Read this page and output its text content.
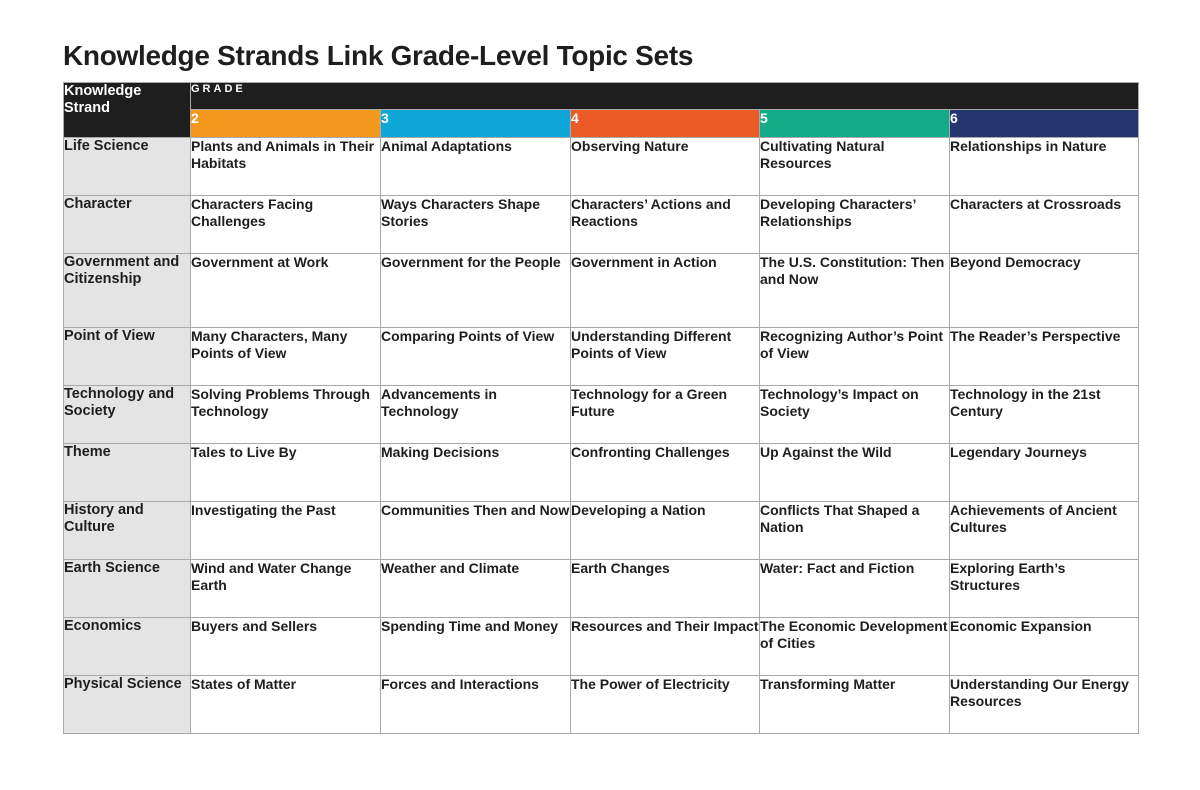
Knowledge Strands Link Grade-Level Topic Sets
Knowledge Strand	GRADE				
	2	3	4	5	6
Life Science	Plants and Animals in Their Habitats	Animal Adaptations	Observing Nature	Cultivating Natural Resources	Relationships in Nature
Character	Characters Facing Challenges	Ways Characters Shape Stories	Characters’ Actions and Reactions	Developing Characters’ Relationships	Characters at Crossroads
Government and Citizenship	Government at Work	Government for the People	Government in Action	The U.S. Constitution: Then and Now	Beyond Democracy
Point of View	Many Characters, Many Points of View	Comparing Points of View	Understanding Different Points of View	Recognizing Author’s Point of View	The Reader’s Perspective
Technology and Society	Solving Problems Through Technology	Advancements in Technology	Technology for a Green Future	Technology’s Impact on Society	Technology in the 21st Century
Theme	Tales to Live By	Making Decisions	Confronting Challenges	Up Against the Wild	Legendary Journeys
History and Culture	Investigating the Past	Communities Then and Now	Developing a Nation	Conflicts That Shaped a Nation	Achievements of Ancient Cultures
Earth Science	Wind and Water Change Earth	Weather and Climate	Earth Changes	Water: Fact and Fiction	Exploring Earth’s Structures
Economics	Buyers and Sellers	Spending Time and Money	Resources and Their Impact	The Economic Development of Cities	Economic Expansion
Physical Science	States of Matter	Forces and Interactions	The Power of Electricity	Transforming Matter	Understanding Our Energy Resources
